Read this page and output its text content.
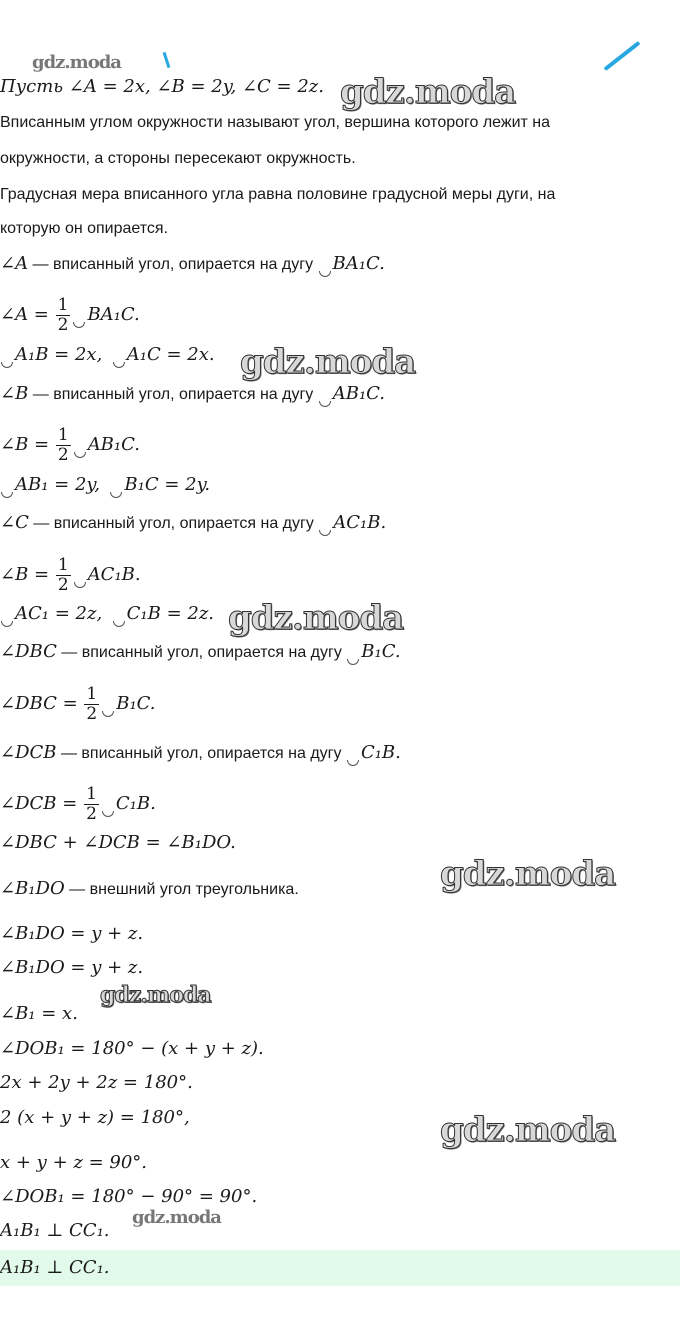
Пусть ∠A = 2x, ∠B = 2y, ∠C = 2z.
Вписанным углом окружности называют угол, вершина которого лежит на
окружности, а стороны пересекают окружность.
Градусная мера вписанного угла равна половине градусной меры дуги, на
которую он опирается.
∠A — вписанный угол, опирается на дугу BA₁C.
∠A = $\frac{1}{2} BA_1C$.
A₁B = 2x, A₁C = 2x.
∠B — вписанный угол, опирается на дугу AB₁C.
∠B = $\frac{1}{2} AB_1C$.
AB₁ = 2y, B₁C = 2y.
∠C — вписанный угол, опирается на дугу AC₁B.
∠B = $\frac{1}{2} AC_1B$.
AC₁ = 2z, C₁B = 2z.
∠DBC — вписанный угол, опирается на дугу B₁C.
∠DBC = $\frac{1}{2} B_1C$.
∠DCB — вписанный угол, опирается на дугу C₁B.
∠DCB = $\frac{1}{2} C_1B$.
∠DBC + ∠DCB = ∠B₁DO.
∠B₁DO — внешний угол треугольника.
∠B₁DO = y + z.
∠B₁DO = y + z.
∠B₁ = x.
∠DOB₁ = 180° − (x + y + z).
2x + 2y + 2z = 180°.
2 (x + y + z) = 180°,
x + y + z = 90°.
∠DOB₁ = 180° − 90° = 90°.
A₁B₁ ⊥ CC₁.
A₁B₁ ⊥ CC₁.
gdz.moda
gdz.moda
gdz.moda
gdz.moda
gdz.moda
gdz.moda
gdz.moda
gdz.moda
